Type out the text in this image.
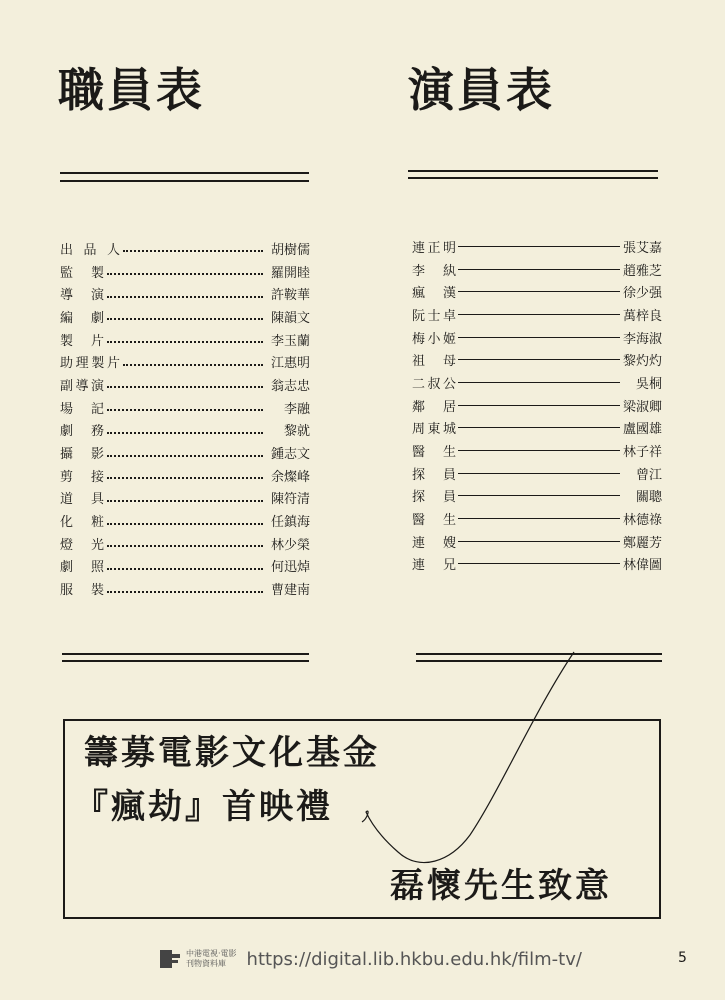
職員表	演員表
出品人	胡樹儒
監製	羅開睦
導演	許鞍華
編劇	陳韻文
製片	李玉蘭
助理製片	江惠明
副導演	翁志忠
場記	李融
劇務	黎就
攝影	鍾志文
剪接	余燦峰
道具	陳符清
化粧	任鎮海
燈光	林少榮
劇照	何迅焯
服裝	曹建南
連正明	張艾嘉
李紈	趙雅芝
瘋漢	徐少强
阮士卓	萬梓良
梅小姬	李海淑
祖母	黎灼灼
二叔公	吳桐
鄰居	梁淑卿
周東城	盧國雄
醫生	林子祥
探員	曾江
探員	關聰
醫生	林德祿
連嫂	鄭麗芳
連兄	林偉圖
籌募電影文化基金
『瘋劫』首映禮
磊懷先生致意
中港電視·電影
刊物資料庫	https://digital.lib.hkbu.edu.hk/film-tv/	5
